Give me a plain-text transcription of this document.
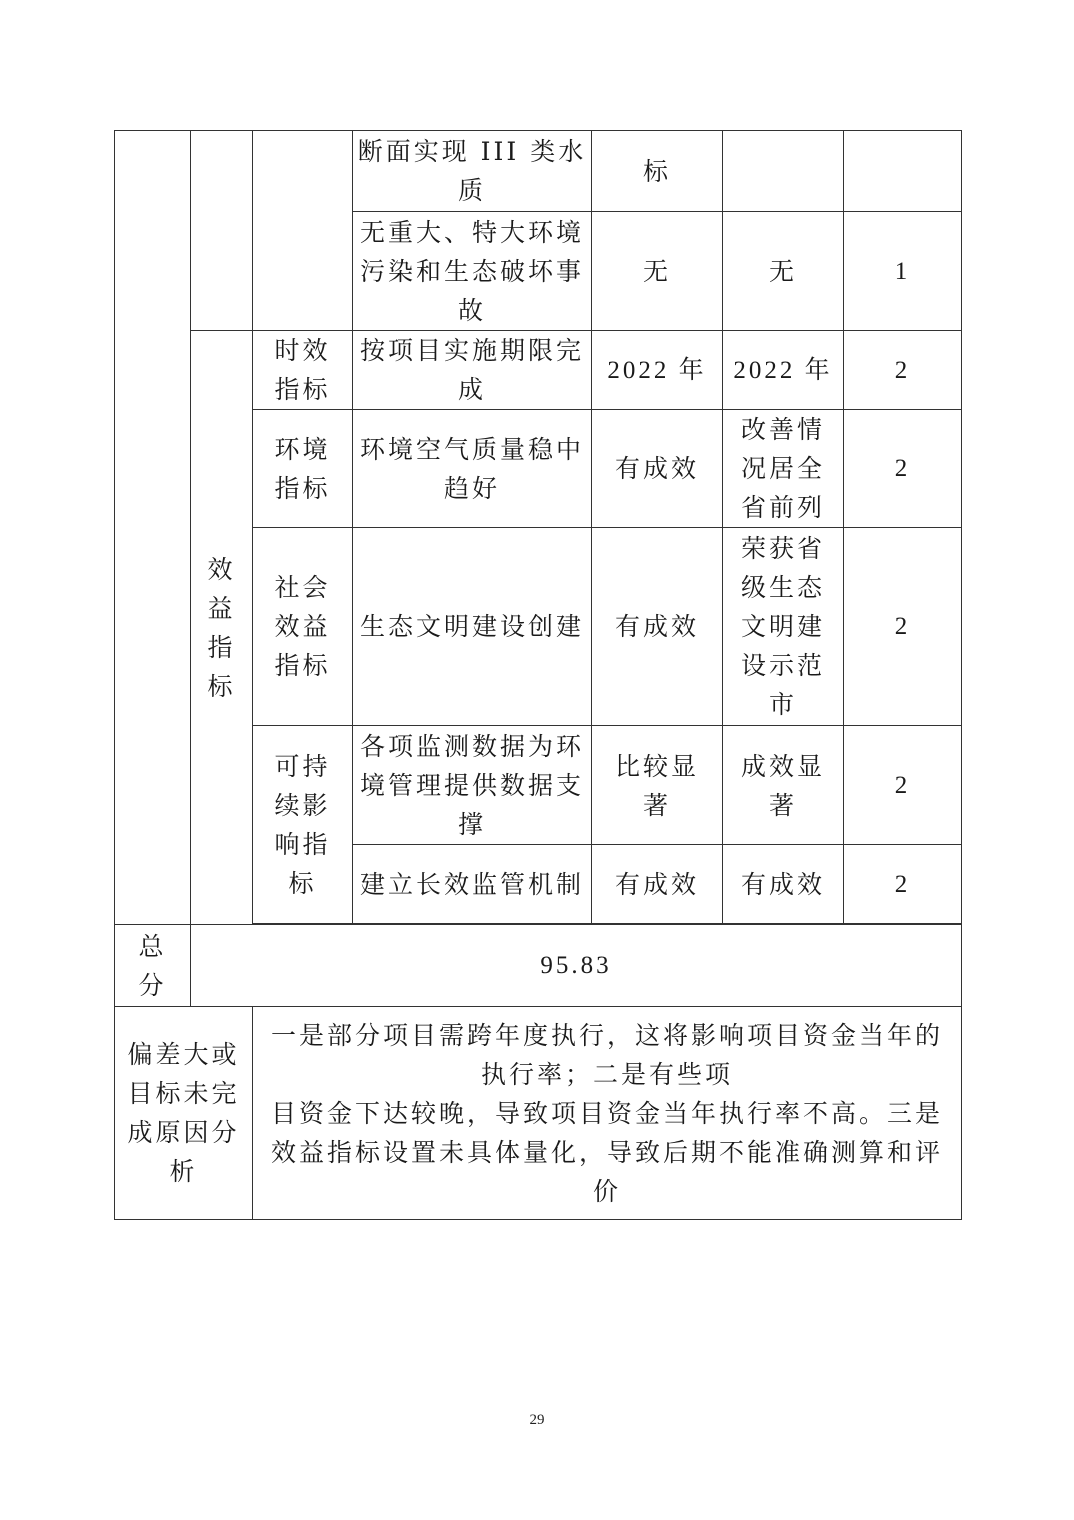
			断面实现 III 类水质	标		
			无重大、特大环境污染和生态破坏事故	无	无	1
	效益指标	时效指标	按项目实施期限完成	2022 年	2022 年	2
		环境指标	环境空气质量稳中趋好	有成效	改善情况居全省前列	2
		社会效益指标	生态文明建设创建	有成效	荣获省级生态文明建设示范市	2
		可持续影响指标	各项监测数据为环境管理提供数据支撑	比较显著	成效显著	2
			建立长效监管机制	有成效	有成效	2

总分	95.83					
偏差大或目标未完成原因分析		一是部分项目需跨年度执行，这将影响项目资金当年的
执行率；二是有些项
目资金下达较晚，导致项目资金当年执行率不高。三是
效益指标设置未具体量化，导致后期不能准确测算和评
价				
29
